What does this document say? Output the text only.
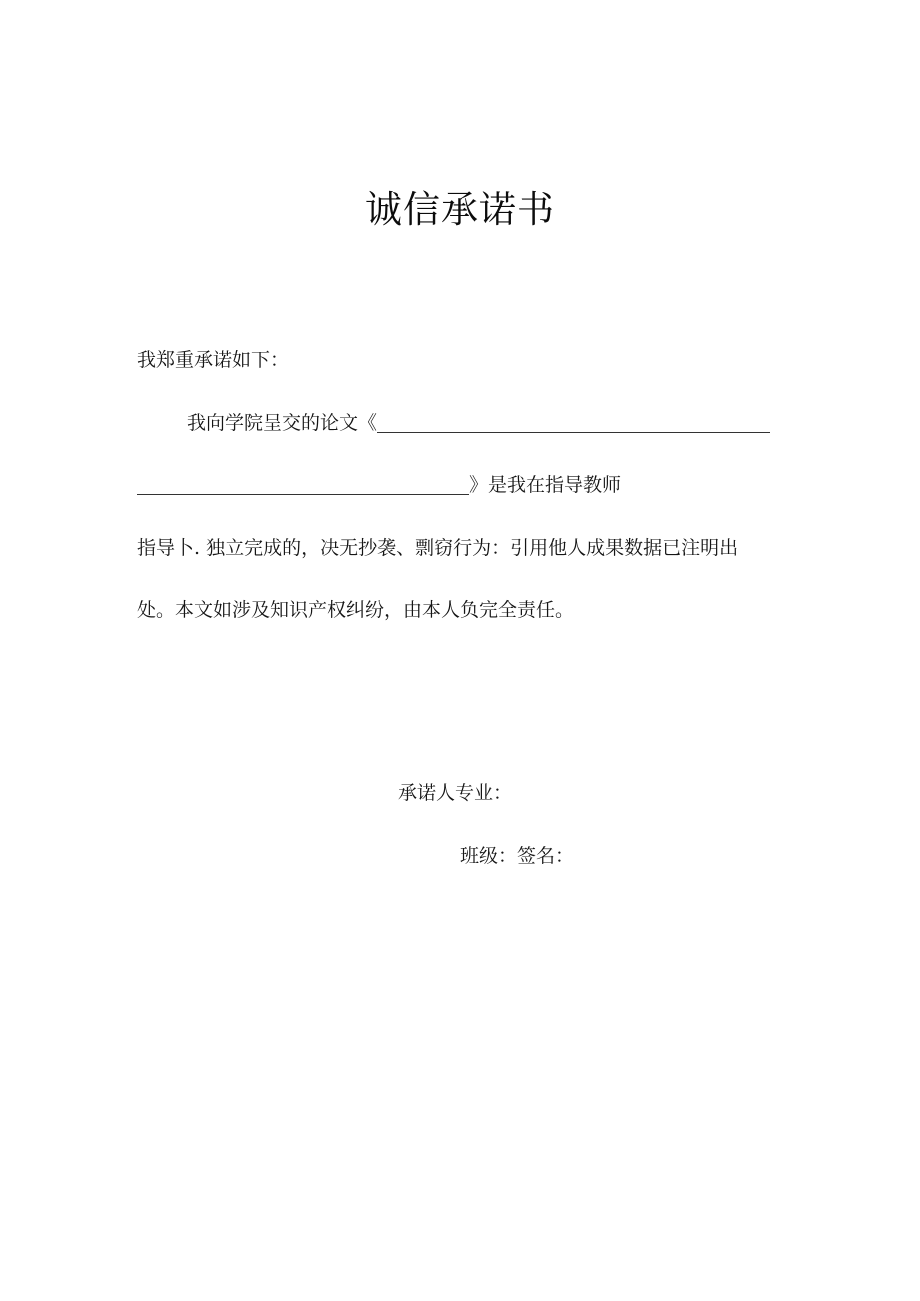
诚信承诺书
我郑重承诺如下：
我向学院呈交的论文《
》是我在指导教师
指导卜. 独立完成的，决无抄袭、剽窃行为：引用他人成果数据已注明出
处。本文如涉及知识产权纠纷，由本人负完全责任。
承诺人专业：
班级：签名：
